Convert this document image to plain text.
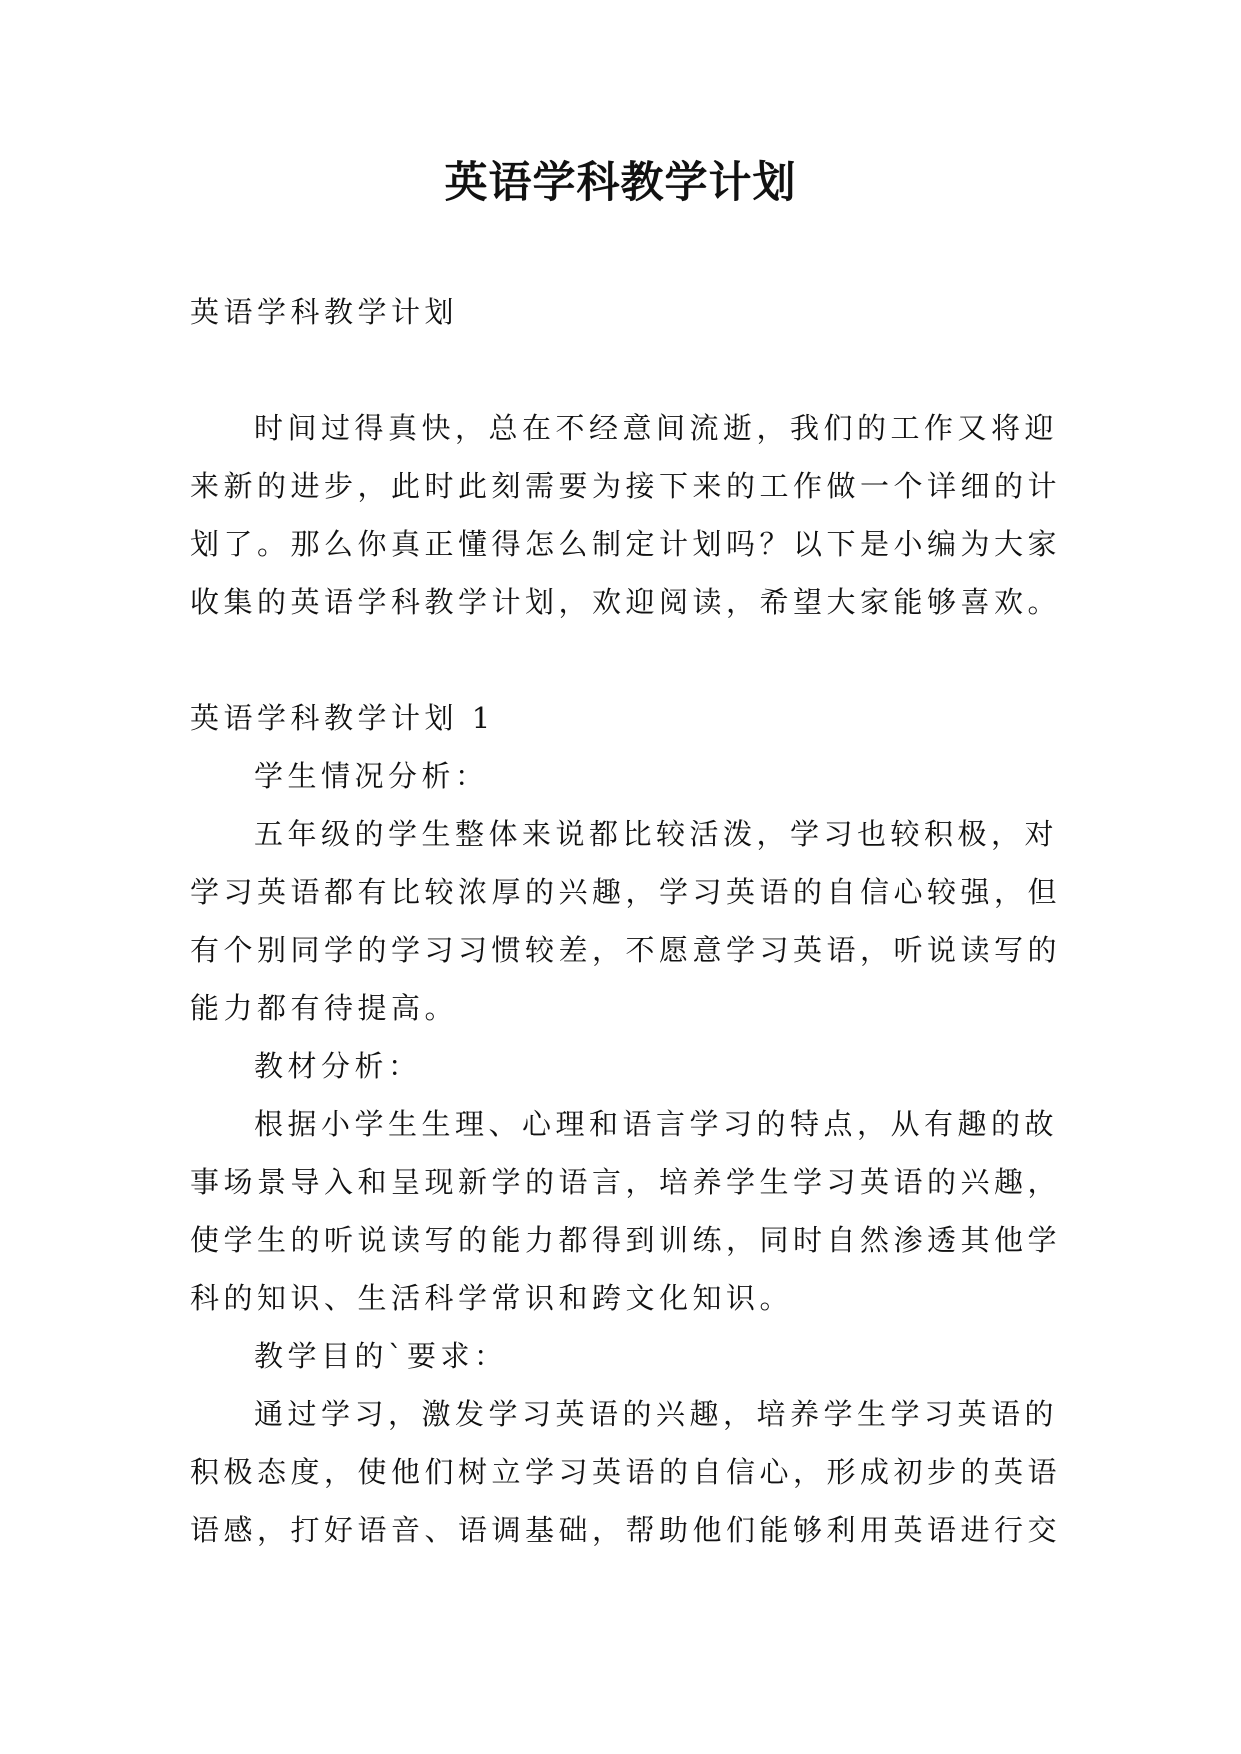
英语学科教学计划

英语学科教学计划

时间过得真快，总在不经意间流逝，我们的工作又将迎

来新的进步，此时此刻需要为接下来的工作做一个详细的计

划了。那么你真正懂得怎么制定计划吗？以下是小编为大家

收集的英语学科教学计划，欢迎阅读，希望大家能够喜欢。

英语学科教学计划 1

学生情况分析：

五年级的学生整体来说都比较活泼，学习也较积极，对

学习英语都有比较浓厚的兴趣，学习英语的自信心较强，但

有个别同学的学习习惯较差，不愿意学习英语，听说读写的

能力都有待提高。

教材分析：

根据小学生生理、心理和语言学习的特点，从有趣的故

事场景导入和呈现新学的语言，培养学生学习英语的兴趣，

使学生的听说读写的能力都得到训练，同时自然渗透其他学

科的知识、生活科学常识和跨文化知识。

教学目的`要求：

通过学习，激发学习英语的兴趣，培养学生学习英语的

积极态度，使他们树立学习英语的自信心，形成初步的英语

语感，打好语音、语调基础，帮助他们能够利用英语进行交
